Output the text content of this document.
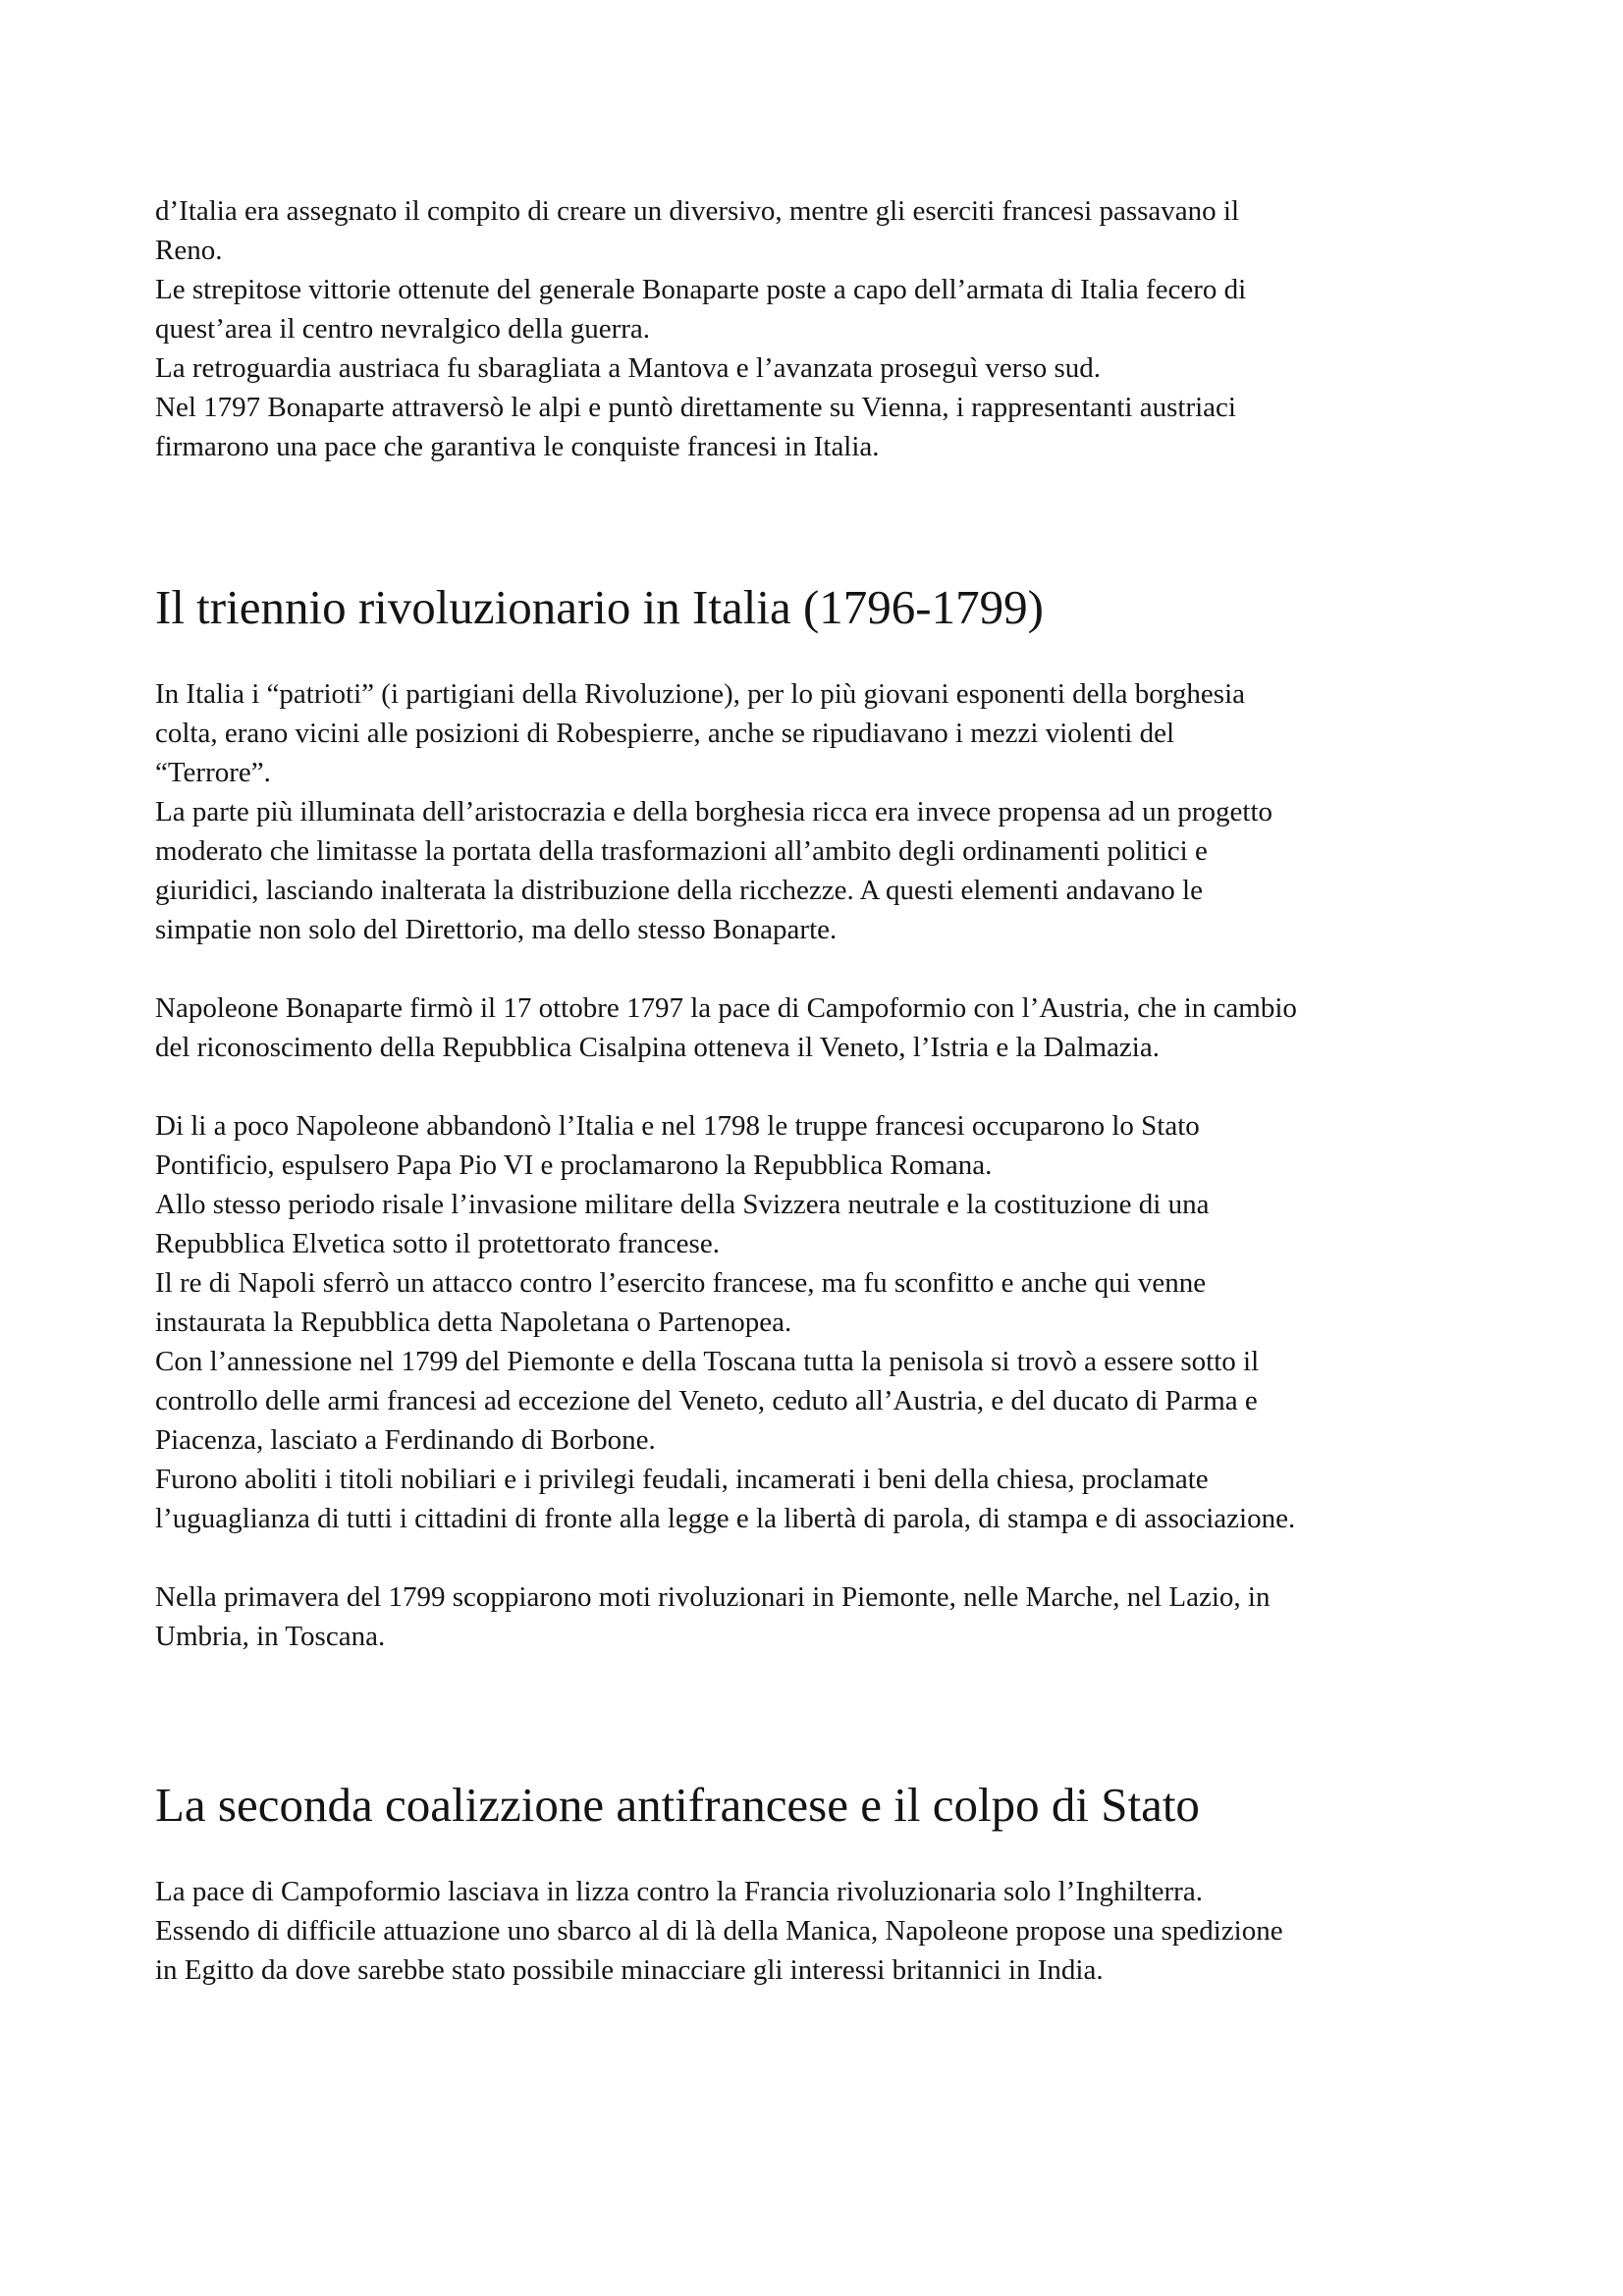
d’Italia era assegnato il compito di creare un diversivo, mentre gli eserciti francesi passavano il
Reno.

Le strepitose vittorie ottenute del generale Bonaparte poste a capo dell’armata di Italia fecero di
quest’area il centro nevralgico della guerra.

La retroguardia austriaca fu sbaragliata a Mantova e l’avanzata proseguì verso sud.

Nel 1797 Bonaparte attraversò le alpi e puntò direttamente su Vienna, i rappresentanti austriaci
firmarono una pace che garantiva le conquiste francesi in Italia.

Il triennio rivoluzionario in Italia (1796-1799)

In Italia i “patrioti” (i partigiani della Rivoluzione), per lo più giovani esponenti della borghesia
colta, erano vicini alle posizioni di Robespierre, anche se ripudiavano i mezzi violenti del
“Terrore”.

La parte più illuminata dell’aristocrazia e della borghesia ricca era invece propensa ad un progetto
moderato che limitasse la portata della trasformazioni all’ambito degli ordinamenti politici e
giuridici, lasciando inalterata la distribuzione della ricchezze. A questi elementi andavano le
simpatie non solo del Direttorio, ma dello stesso Bonaparte.

Napoleone Bonaparte firmò il 17 ottobre 1797 la pace di Campoformio con l’Austria, che in cambio
del riconoscimento della Repubblica Cisalpina otteneva il Veneto, l’Istria e la Dalmazia.

Di li a poco Napoleone abbandonò l’Italia e nel 1798 le truppe francesi occuparono lo Stato
Pontificio, espulsero Papa Pio VI e proclamarono la Repubblica Romana.

Allo stesso periodo risale l’invasione militare della Svizzera neutrale e la costituzione di una
Repubblica Elvetica sotto il protettorato francese.

Il re di Napoli sferrò un attacco contro l’esercito francese, ma fu sconfitto e anche qui venne
instaurata la Repubblica detta Napoletana o Partenopea.

Con l’annessione nel 1799 del Piemonte e della Toscana tutta la penisola si trovò a essere sotto il
controllo delle armi francesi ad eccezione del Veneto, ceduto all’Austria, e del ducato di Parma e
Piacenza, lasciato a Ferdinando di Borbone.

Furono aboliti i titoli nobiliari e i privilegi feudali, incamerati i beni della chiesa, proclamate
l’uguaglianza di tutti i cittadini di fronte alla legge e la libertà di parola, di stampa e di associazione.

Nella primavera del 1799 scoppiarono moti rivoluzionari in Piemonte, nelle Marche, nel Lazio, in
Umbria, in Toscana.

La seconda coalizzione antifrancese e il colpo di Stato

La pace di Campoformio lasciava in lizza contro la Francia rivoluzionaria solo l’Inghilterra.

Essendo di difficile attuazione uno sbarco al di là della Manica, Napoleone propose una spedizione
in Egitto da dove sarebbe stato possibile minacciare gli interessi britannici in India.
